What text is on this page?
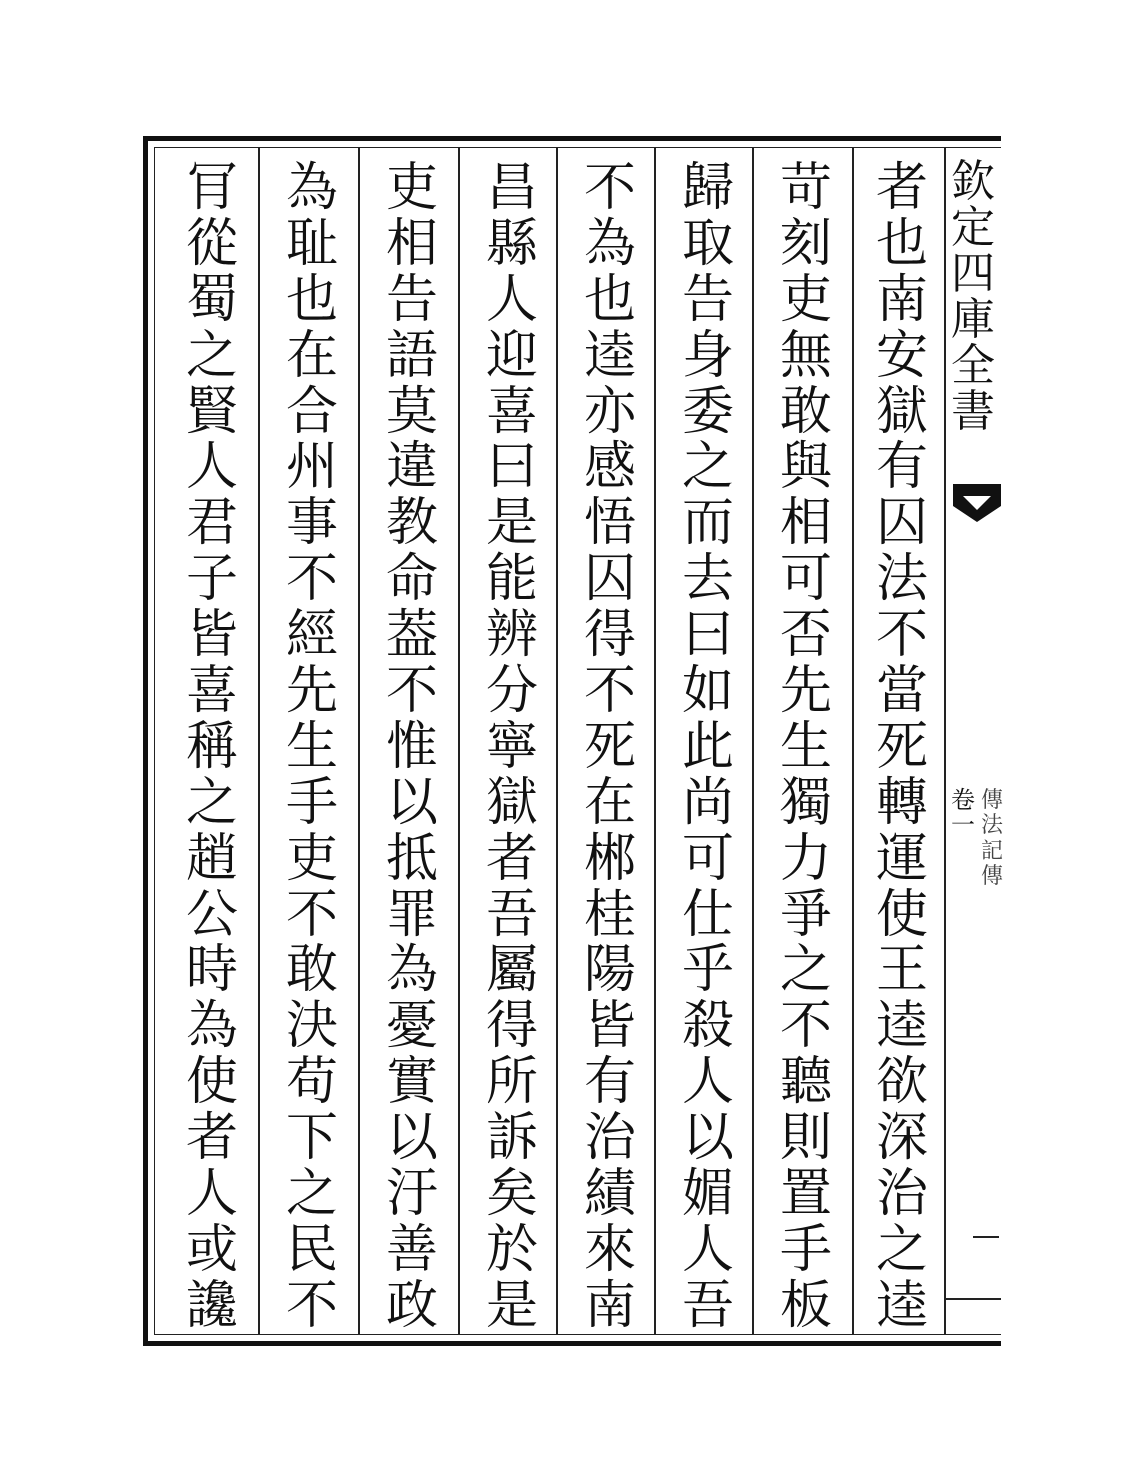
者
也
南
安
獄
有
囚
法
不
當
死
轉
運
使
王
逵
欲
深
治
之
逵
苛
刻
吏
無
敢
與
相
可
否
先
生
獨
力
爭
之
不
聽
則
置
手
板
歸
取
告
身
委
之
而
去
曰
如
此
尚
可
仕
乎
殺
人
以
媚
人
吾
不
為
也
逵
亦
感
悟
囚
得
不
死
在
郴
桂
陽
皆
有
治
績
來
南
昌
縣
人
迎
喜
曰
是
能
辨
分
寧
獄
者
吾
屬
得
所
訴
矣
於
是
吏
相
告
語
莫
違
教
命
葢
不
惟
以
抵
罪
為
憂
實
以
汙
善
政
為
耻
也
在
合
州
事
不
經
先
生
手
吏
不
敢
決
苟
下
之
民
不
肎
從
蜀
之
賢
人
君
子
皆
喜
稱
之
趙
公
時
為
使
者
人
或
讒
欽
定
四
庫
全
書
卷
一
傳
法
記
傳
